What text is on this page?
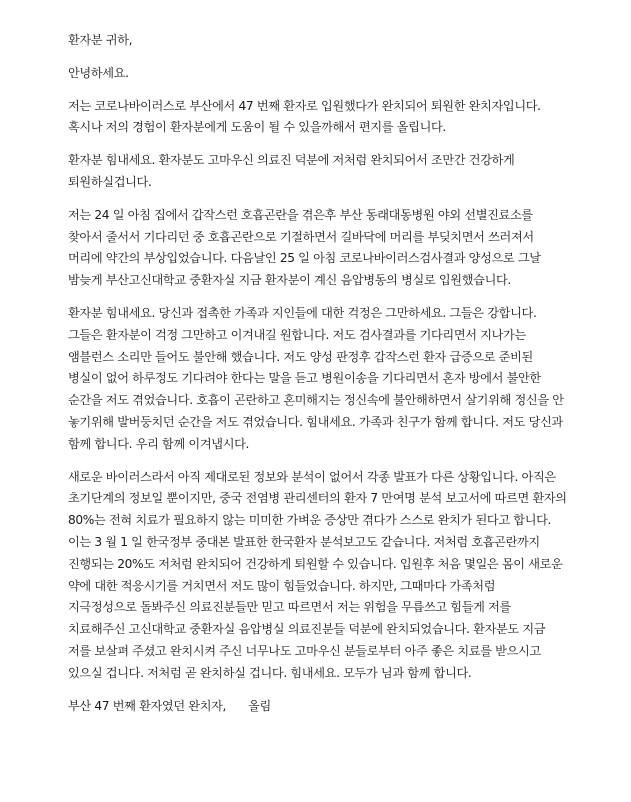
환자분 귀하,

안녕하세요.

저는 코로나바이러스로 부산에서 47 번째 환자로 입원했다가 완치되어 퇴원한 완치자입니다.
혹시나 저의 경험이 환자분에게 도움이 될 수 있을까해서 편지를 올립니다.

환자분 힘내세요. 환자분도 고마우신 의료진 덕분에 저처럼 완치되어서 조만간 건강하게
퇴원하실겁니다.

저는 24 일 아침 집에서 갑작스런 호흡곤란을 겪은후 부산 동래대동병원 야외 선별진료소를
찾아서 줄서서 기다리던 중 호흡곤란으로 기절하면서 길바닥에 머리를 부딪치면서 쓰러져서
머리에 약간의 부상입었습니다. 다음날인 25 일 아침 코로나바이러스검사결과 양성으로 그날
밤늦게 부산고신대학교 중환자실 지금 환자분이 계신 음압병동의 병실로 입원했습니다.

환자분 힘내세요. 당신과 접촉한 가족과 지인들에 대한 걱정은 그만하세요. 그들은 강합니다.
그들은 환자분이 걱정 그만하고 이겨내길 원합니다. 저도 검사결과를 기다리면서 지나가는
앰블런스 소리만 들어도 불안해 했습니다. 저도 양성 판정후 갑작스런 환자 급증으로 준비된
병실이 없어 하루정도 기다려야 한다는 말을 듣고 병원이송을 기다리면서 혼자 방에서 불안한
순간을 저도 겪었습니다. 호흡이 곤란하고 혼미해지는 정신속에 불안해하면서 살기위해 정신을 안
놓기위해 발버둥치던 순간을 저도 겪었습니다. 힘내세요. 가족과 친구가 함께 합니다. 저도 당신과
함께 합니다. 우리 함께 이겨냅시다.

새로운 바이러스라서 아직 제대로된 정보와 분석이 없어서 각종 발표가 다른 상황입니다. 아직은
초기단계의 정보일 뿐이지만, 중국 전염병 관리센터의 환자 7 만여명 분석 보고서에 따르면 환자의
80%는 전혀 치료가 필요하지 않는 미미한 가벼운 증상만 겪다가 스스로 완치가 된다고 합니다.
이는 3 월 1 일 한국정부 중대본 발표한 한국환자 분석보고도 같습니다. 저처럼 호흡곤란까지
진행되는 20%도 저처럼 완치되어 건강하게 퇴원할 수 있습니다. 입원후 처음 몇일은 몸이 새로운
약에 대한 적응시기를 거치면서 저도 많이 힘들었습니다. 하지만, 그때마다 가족처럼
지극정성으로 돌봐주신 의료진분들만 믿고 따르면서 저는 위험을 무릅쓰고 힘들게 저를
치료해주신 고신대학교 중환자실 음압병실 의료진분들 덕분에 완치되었습니다. 환자분도 지금
저를 보살펴 주셨고 완치시켜 주신 너무나도 고마우신 분들로부터 아주 좋은 치료를 받으시고
있으실 겁니다. 저처럼 곧 완치하실 겁니다. 힘내세요. 모두가 님과 함께 합니다.

부산 47 번째 환자였던 완치자, 올림
